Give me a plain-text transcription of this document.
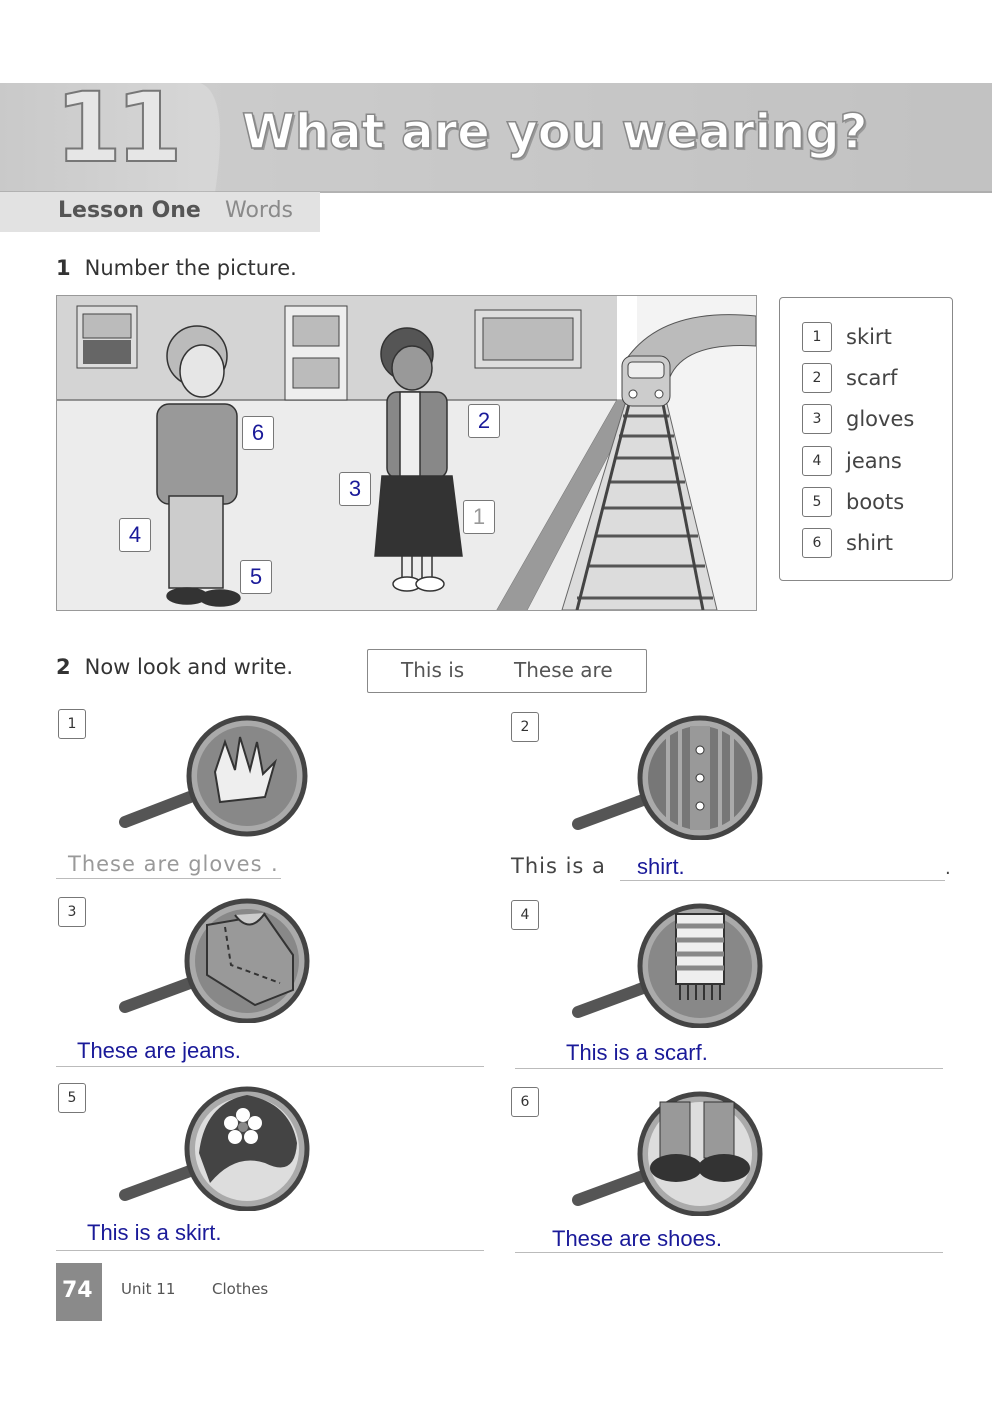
11 What are you wearing?
Lesson One Words
1 Number the picture.
6	2
3
1
4
5
1	skirt
2	scarf
3	gloves
4	jeans
5	boots
6	shirt
2 Now look and write.	This is These are
1
These are gloves .
2
This is a shirt.	.
3
These are jeans.
4
This is a scarf.
5
This is a skirt.
6
These are shoes.
74 Unit 11 Clothes
